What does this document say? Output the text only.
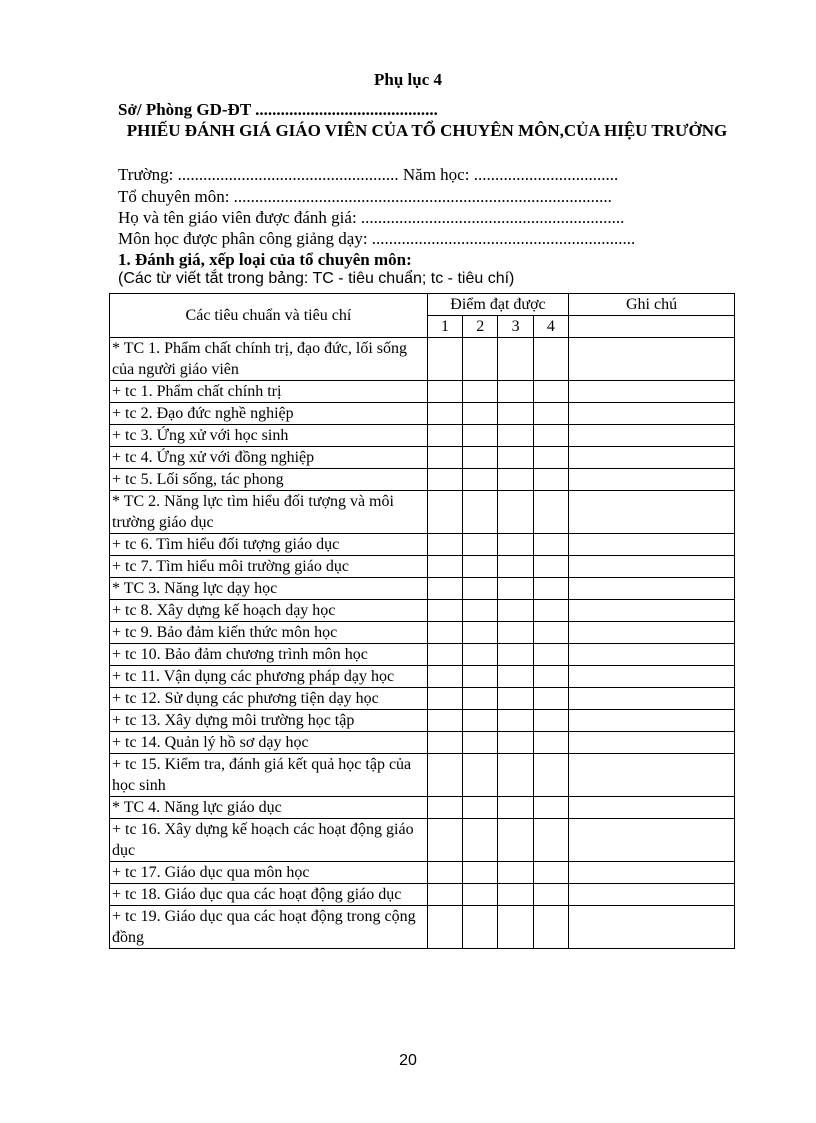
Phụ lục 4
Sở/ Phòng GD-ĐT ...........................................
PHIẾU ĐÁNH GIÁ GIÁO VIÊN CỦA TỔ CHUYÊN MÔN,CỦA HIỆU TRƯỞNG
Trường: .................................................... Năm học: ..................................
Tổ chuyên môn: .........................................................................................
Họ và tên giáo viên được đánh giá: ..............................................................
Môn học được phân công giảng dạy: ..............................................................
1. Đánh giá, xếp loại của tổ chuyên môn:
(Các từ viết tắt trong bảng: TC - tiêu chuẩn; tc - tiêu chí)
Các tiêu chuẩn và tiêu chí	Điểm đạt được				Ghi chú
	1	2	3	4	
* TC 1. Phẩm chất chính trị, đạo đức, lối sống của người giáo viên					
+ tc 1. Phẩm chất chính trị					
+ tc 2. Đạo đức nghề nghiệp					
+ tc 3. Ứng xử với học sinh					
+ tc 4. Ứng xử với đồng nghiệp					
+ tc 5. Lối sống, tác phong					
* TC 2. Năng lực tìm hiểu đối tượng và môi trường giáo dục					
+ tc 6. Tìm hiểu đối tượng giáo dục					
+ tc 7. Tìm hiểu môi trường giáo dục					
* TC 3. Năng lực dạy học					
+ tc 8. Xây dựng kế hoạch dạy học					
+ tc 9. Bảo đảm kiến thức môn học					
+ tc 10. Bảo đảm chương trình môn học					
+ tc 11. Vận dụng các phương pháp dạy học					
+ tc 12. Sử dụng các phương tiện dạy học					
+ tc 13. Xây dựng môi trường học tập					
+ tc 14. Quản lý hồ sơ dạy học					
+ tc 15. Kiểm tra, đánh giá kết quả học tập của học sinh					
* TC 4. Năng lực giáo dục					
+ tc 16. Xây dựng kế hoạch các hoạt động giáo dục					
+ tc 17. Giáo dục qua môn học					
+ tc 18. Giáo dục qua các hoạt động giáo dục					
+ tc 19. Giáo dục qua các hoạt động trong cộng đồng					
20
